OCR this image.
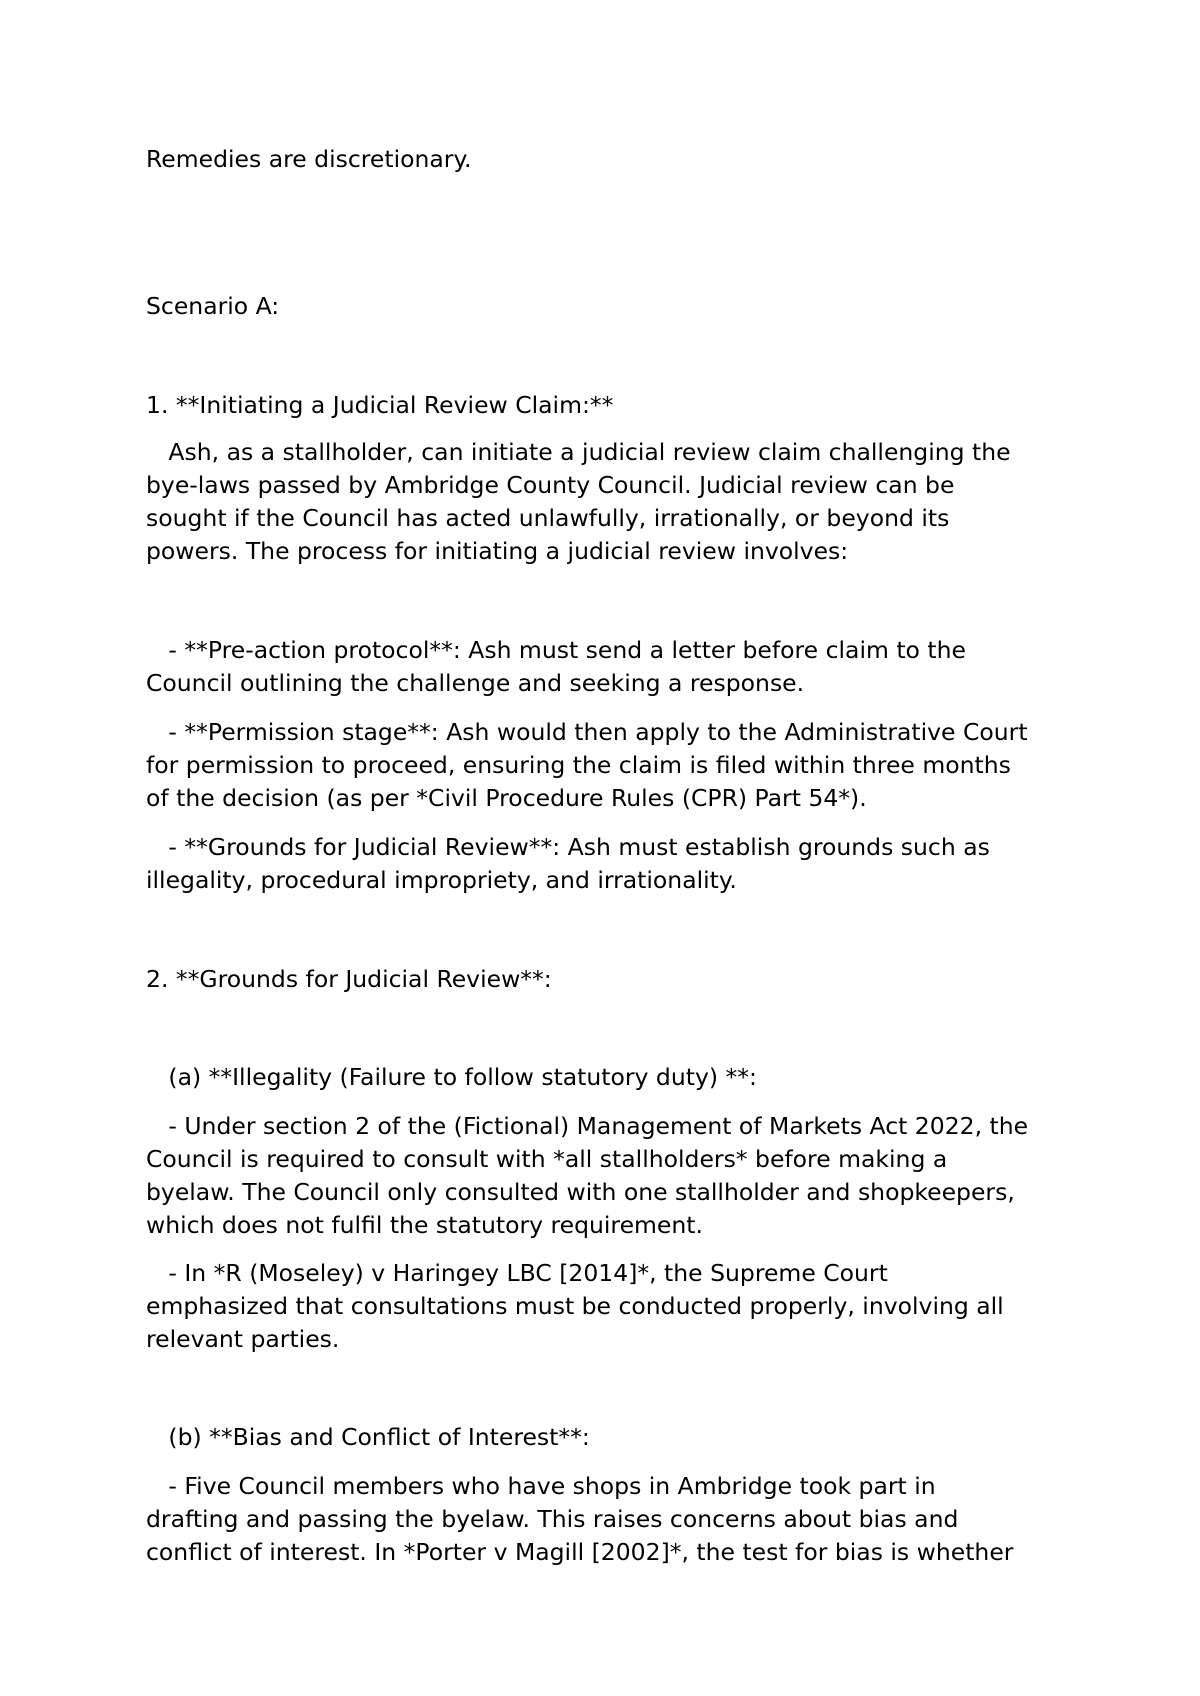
Remedies are discretionary.

Scenario A:

1. **Initiating a Judicial Review Claim:**

Ash, as a stallholder, can initiate a judicial review claim challenging the

bye-laws passed by Ambridge County Council. Judicial review can be

sought if the Council has acted unlawfully, irrationally, or beyond its

powers. The process for initiating a judicial review involves:

- **Pre-action protocol**: Ash must send a letter before claim to the

Council outlining the challenge and seeking a response.

- **Permission stage**: Ash would then apply to the Administrative Court

for permission to proceed, ensuring the claim is filed within three months

of the decision (as per *Civil Procedure Rules (CPR) Part 54*).

- **Grounds for Judicial Review**: Ash must establish grounds such as

illegality, procedural impropriety, and irrationality.

2. **Grounds for Judicial Review**:

(a) **Illegality (Failure to follow statutory duty) **:

- Under section 2 of the (Fictional) Management of Markets Act 2022, the

Council is required to consult with *all stallholders* before making a

byelaw. The Council only consulted with one stallholder and shopkeepers,

which does not fulfil the statutory requirement.

- In *R (Moseley) v Haringey LBC [2014]*, the Supreme Court

emphasized that consultations must be conducted properly, involving all

relevant parties.

(b) **Bias and Conflict of Interest**:

- Five Council members who have shops in Ambridge took part in

drafting and passing the byelaw. This raises concerns about bias and

conflict of interest. In *Porter v Magill [2002]*, the test for bias is whether
